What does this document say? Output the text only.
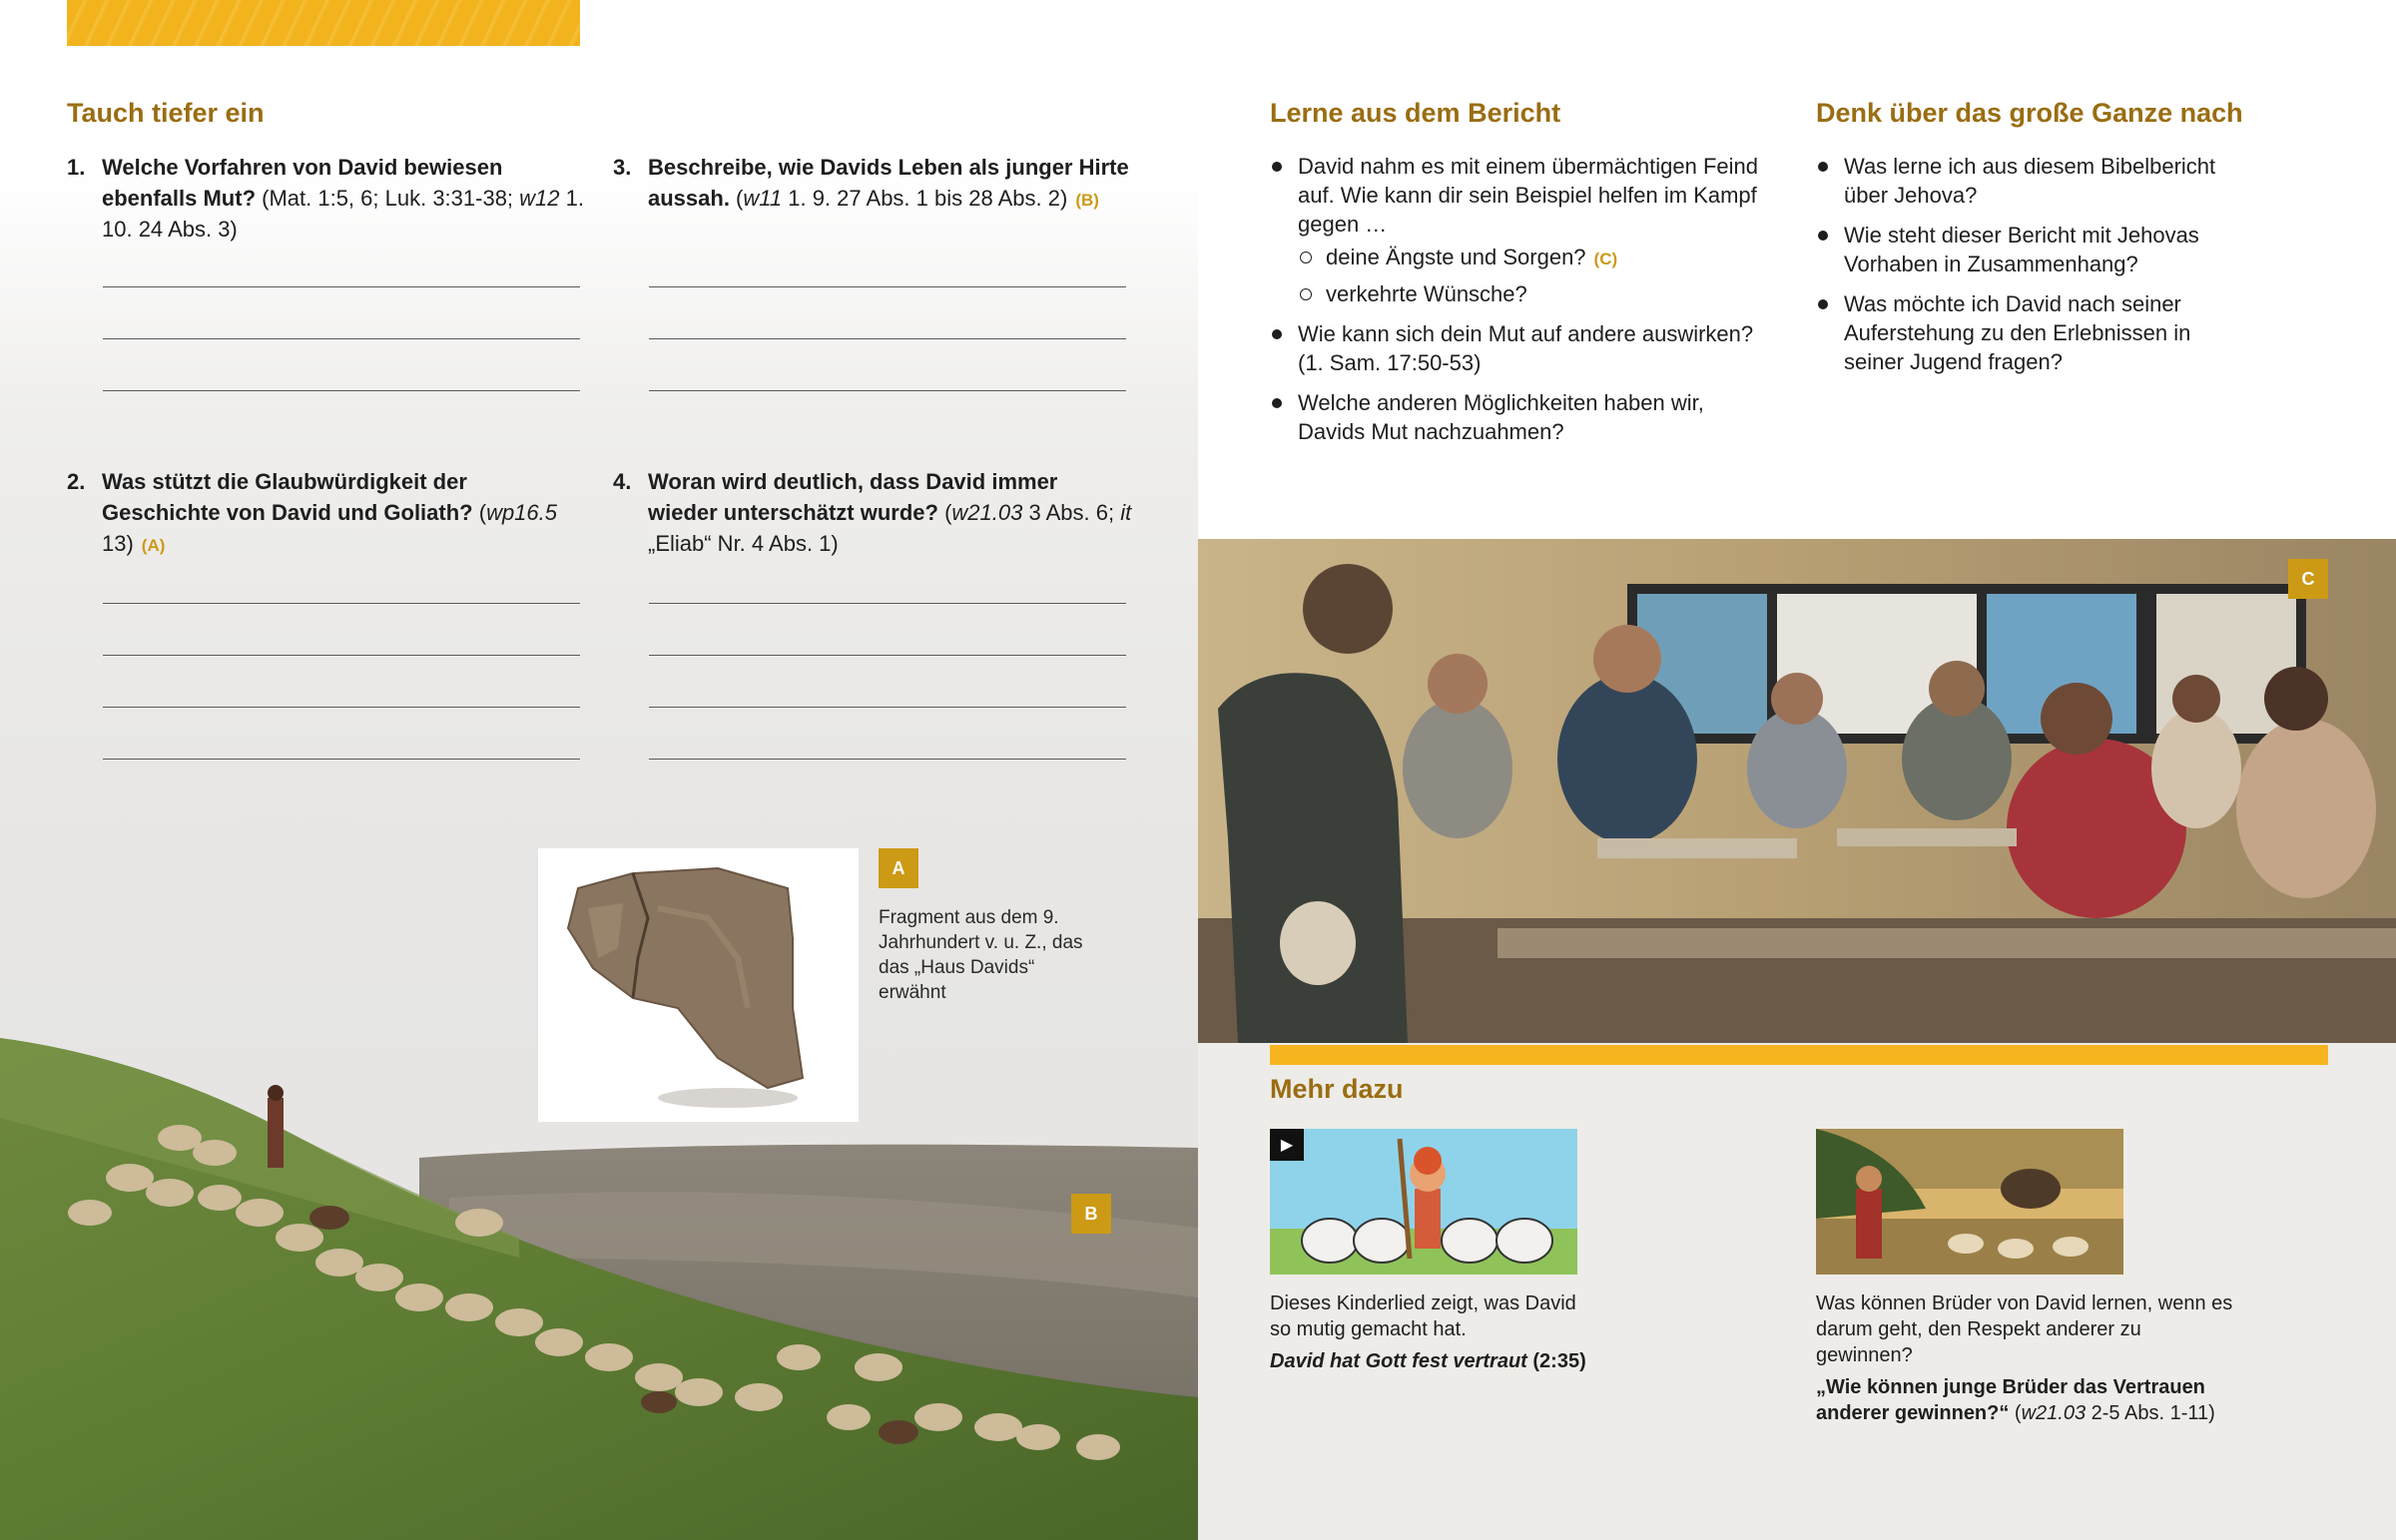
Tauch tiefer ein
1. Welche Vorfahren von David bewiesen ebenfalls Mut? (Mat. 1:5, 6; Luk. 3:31-38; w12 1. 10. 24 Abs. 3)
2. Was stützt die Glaubwürdigkeit der Geschichte von David und Goliath? (wp16.5 13) (A)
3. Beschreibe, wie Davids Leben als junger Hirte aussah. (w11 1. 9. 27 Abs. 1 bis 28 Abs. 2) (B)
4. Woran wird deutlich, dass David immer wieder unterschätzt wurde? (w21.03 3 Abs. 6; it „Eliab“ Nr. 4 Abs. 1)
A
Fragment aus dem 9. Jahrhundert v. u. Z., das das „Haus Davids“ erwähnt
B
Lerne aus dem Bericht
David nahm es mit einem übermächtigen Feind auf. Wie kann dir sein Beispiel helfen im Kampf gegen …
deine Ängste und Sorgen? (C)
verkehrte Wünsche?
Wie kann sich dein Mut auf andere auswirken? (1. Sam. 17:50-53)
Welche anderen Möglichkeiten haben wir, Davids Mut nachzuahmen?
Denk über das große Ganze nach
Was lerne ich aus diesem Bibelbericht über Jehova?
Wie steht dieser Bericht mit Jehovas Vorhaben in Zusammenhang?
Was möchte ich David nach seiner Auferstehung zu den Erlebnissen in seiner Jugend fragen?
C
Mehr dazu
▶
Dieses Kinderlied zeigt, was David so mutig gemacht hat.
David hat Gott fest vertraut (2:35)
Was können Brüder von David lernen, wenn es darum geht, den Respekt anderer zu gewinnen?
„Wie können junge Brüder das Vertrauen anderer gewinnen?“ (w21.03 2-5 Abs. 1-11)
